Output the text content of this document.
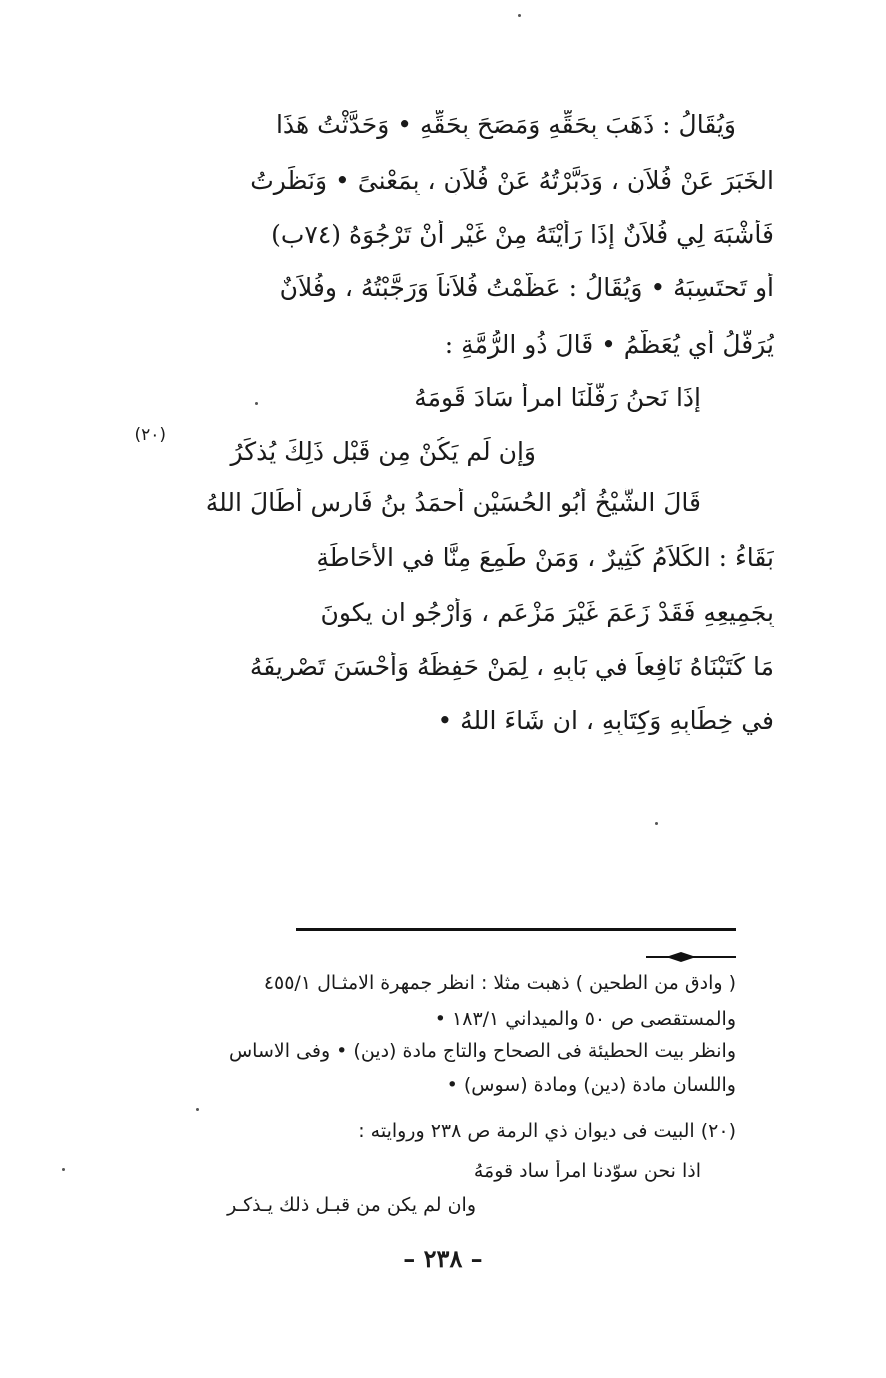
وَيُقَالُ : ذَهَبَ بِحَقِّهِ وَمَصَحَ بِحَقِّهِ • وَحَدَّثْتُ هَذَا
الخَبَرَ عَنْ فُلاَنٍ ، وَدَبَّرْتُهُ عَنْ فُلاَنٍ ، بِمَعْنىً • وَنَظَرتُ
فَأَشْبَهَ لِي فُلاَنٌ إِذَا رَأَيْتَهُ مِنْ غَيْرِ أَنْ تَرْجُوَهُ (٧٤ب)
أَو تَحتَسِبَهُ • وَيُقَالُ : عَظَّمْتُ فُلاَناً وَرَجَّبْتُهُ ، وفُلاَنٌ
يُرَفَّلُ أَي يُعَظَّمُ • قَالَ ذُو الرُّمَّةِ :
إِذَا نَحنُ رَفَّلْنَا امرأً سَادَ قَومَهُ
وَإِن لَم يَكُنْ مِن قَبْلِ ذَلِكَ يُذكَرُ
(٢٠)
قَالَ الشَّيْخُ أَبُو الحُسَيْنِ أَحمَدُ بنُ فَارِس أَطَالَ اللهُ
بَقَاءُ : الكَلاَمُ كَثِيرٌ ، وَمَنْ طَمِعَ مِنَّا في الأَحَاطَةِ
بِجَمِيعِهِ فَقَدْ زَعَمَ غَيْرَ مَزْعَمٍ ، وَأَرْجُو ان يكونَ
مَا كَتَبْنَاهُ نَافِعاً في بَابِهِ ، لِمَنْ حَفِظَهُ وَأَحْسَنَ تَصْرِيفَهُ
في خِطَابِهِ وَكِتَابِهِ ، ان شَاءَ اللهُ •
( وادق من الطحين ) ذهبت مثلا : انظر جمهرة الامثـال ٤٥٥/١
والمستقصى ص ٥٠ والميداني ١٨٣/١ •
وانظر بيت الحطيئة فى الصحاح والتاج مادة (دين) • وفى الاساس
واللسان مادة (دين) ومادة (سوس) •
(٢٠) البيت فى ديوان ذي الرمة ص ٢٣٨ وروايته :
اذا نحن سوّدنا امرأً ساد قومَهُ
وان لم يكن من قبـل ذلك يـذكـر
– ٢٣٨ –
